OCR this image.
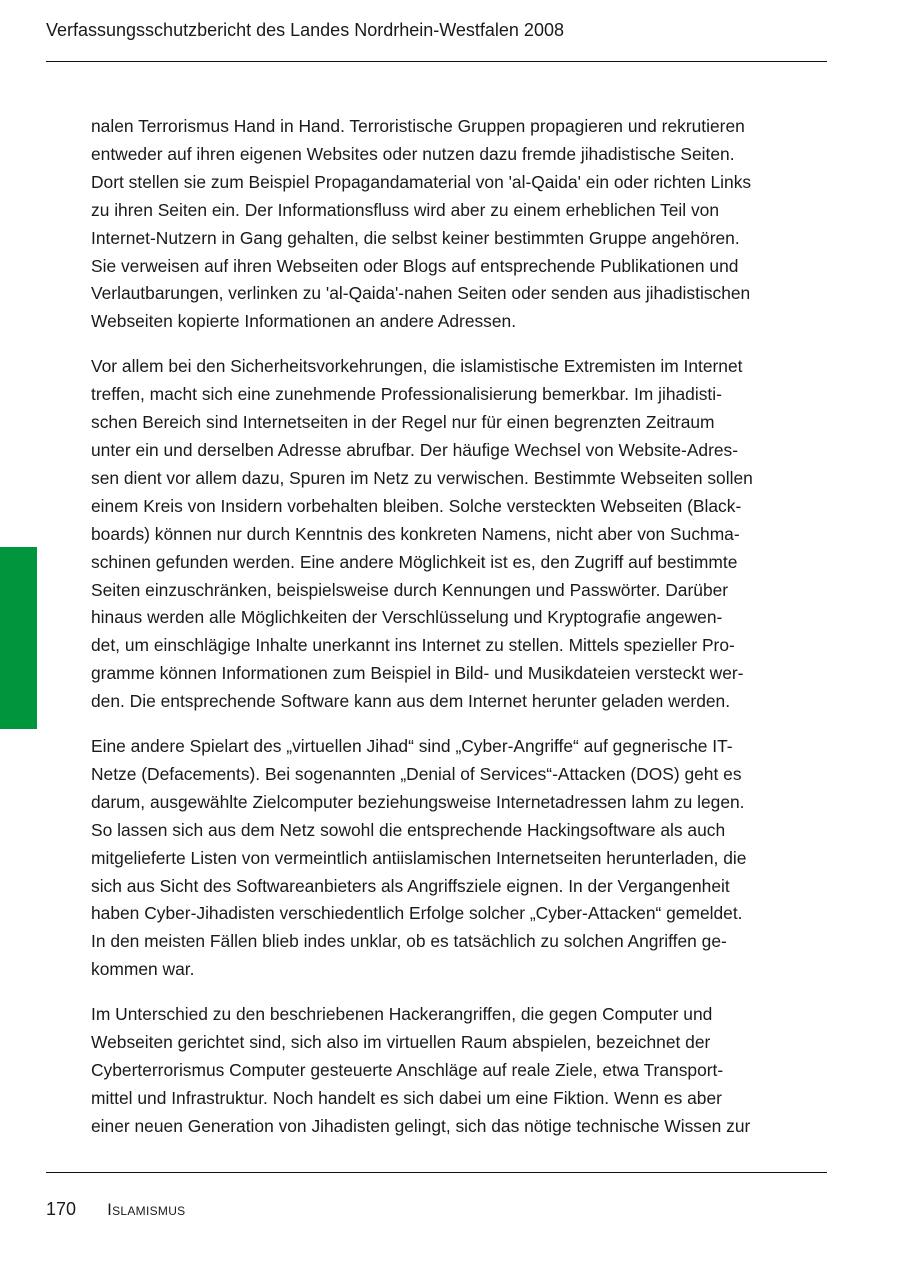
Verfassungsschutzbericht des Landes Nordrhein-Westfalen 2008

nalen Terrorismus Hand in Hand. Terroristische Gruppen propagieren und rekrutieren
entweder auf ihren eigenen Websites oder nutzen dazu fremde jihadistische Seiten.
Dort stellen sie zum Beispiel Propagandamaterial von 'al-Qaida' ein oder richten Links
zu ihren Seiten ein. Der Informationsfluss wird aber zu einem erheblichen Teil von
Internet-Nutzern in Gang gehalten, die selbst keiner bestimmten Gruppe angehören.
Sie verweisen auf ihren Webseiten oder Blogs auf entsprechende Publikationen und
Verlautbarungen, verlinken zu 'al-Qaida'-nahen Seiten oder senden aus jihadistischen
Webseiten kopierte Informationen an andere Adressen.

Vor allem bei den Sicherheitsvorkehrungen, die islamistische Extremisten im Internet
treffen, macht sich eine zunehmende Professionalisierung bemerkbar. Im jihadisti-
schen Bereich sind Internetseiten in der Regel nur für einen begrenzten Zeitraum
unter ein und derselben Adresse abrufbar. Der häufige Wechsel von Website-Adres-
sen dient vor allem dazu, Spuren im Netz zu verwischen. Bestimmte Webseiten sollen
einem Kreis von Insidern vorbehalten bleiben. Solche versteckten Webseiten (Black-
boards) können nur durch Kenntnis des konkreten Namens, nicht aber von Suchma-
schinen gefunden werden. Eine andere Möglichkeit ist es, den Zugriff auf bestimmte
Seiten einzuschränken, beispielsweise durch Kennungen und Passwörter. Darüber
hinaus werden alle Möglichkeiten der Verschlüsselung und Kryptografie angewen-
det, um einschlägige Inhalte unerkannt ins Internet zu stellen. Mittels spezieller Pro-
gramme können Informationen zum Beispiel in Bild- und Musikdateien versteckt wer-
den. Die entsprechende Software kann aus dem Internet herunter geladen werden.

Eine andere Spielart des „virtuellen Jihad“ sind „Cyber-Angriffe“ auf gegnerische IT-
Netze (Defacements). Bei sogenannten „Denial of Services“-Attacken (DOS) geht es
darum, ausgewählte Zielcomputer beziehungsweise Internetadressen lahm zu legen.
So lassen sich aus dem Netz sowohl die entsprechende Hackingsoftware als auch
mitgelieferte Listen von vermeintlich antiislamischen Internetseiten herunterladen, die
sich aus Sicht des Softwareanbieters als Angriffsziele eignen. In der Vergangenheit
haben Cyber-Jihadisten verschiedentlich Erfolge solcher „Cyber-Attacken“ gemeldet.
In den meisten Fällen blieb indes unklar, ob es tatsächlich zu solchen Angriffen ge-
kommen war.

Im Unterschied zu den beschriebenen Hackerangriffen, die gegen Computer und
Webseiten gerichtet sind, sich also im virtuellen Raum abspielen, bezeichnet der
Cyberterrorismus Computer gesteuerte Anschläge auf reale Ziele, etwa Transport-
mittel und Infrastruktur. Noch handelt es sich dabei um eine Fiktion. Wenn es aber
einer neuen Generation von Jihadisten gelingt, sich das nötige technische Wissen zur

170 Islamismus
